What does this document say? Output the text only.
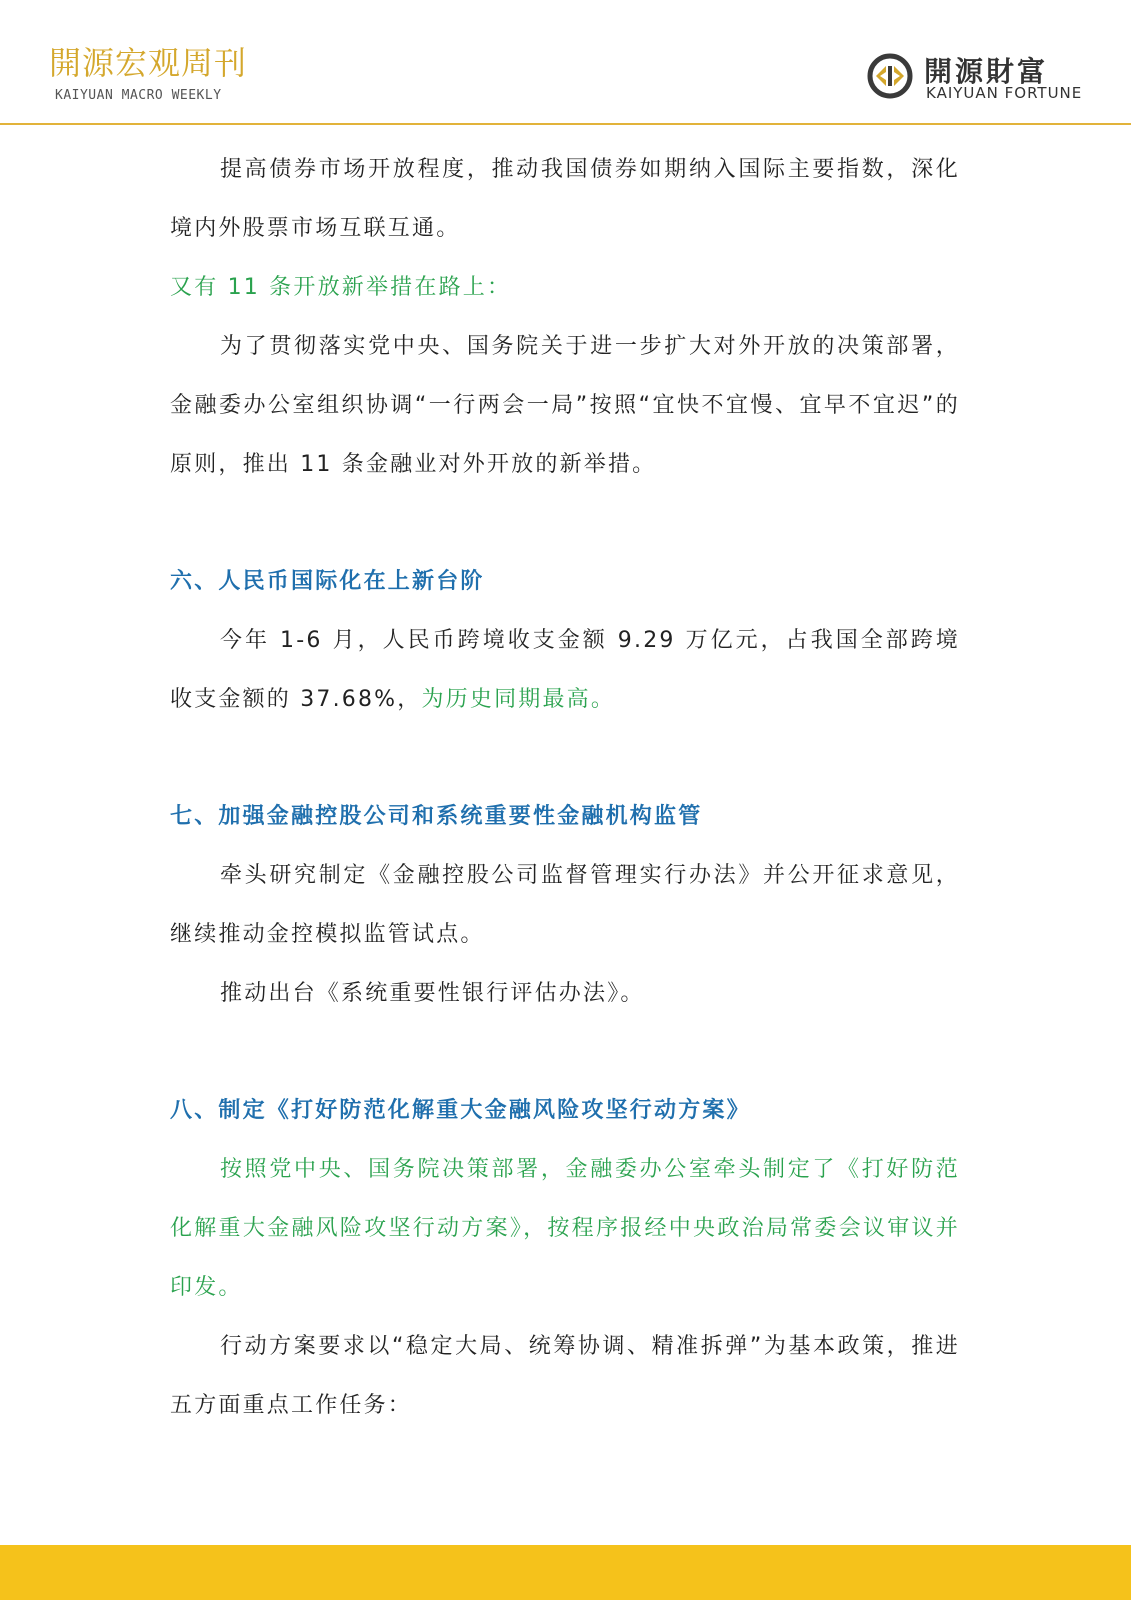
開源宏观周刊
KAIYUAN MACRO WEEKLY
開源財富
KAIYUAN FORTUNE

提高债券市场开放程度，推动我国债券如期纳入国际主要指数，深化境内外股票市场互联互通。

又有 11 条开放新举措在路上：

为了贯彻落实党中央、国务院关于进一步扩大对外开放的决策部署，金融委办公室组织协调“一行两会一局”按照“宜快不宜慢、宜早不宜迟”的原则，推出 11 条金融业对外开放的新举措。

六、人民币国际化在上新台阶

今年 1-6 月，人民币跨境收支金额 9.29 万亿元，占我国全部跨境收支金额的 37.68%，为历史同期最高。

七、加强金融控股公司和系统重要性金融机构监管

牵头研究制定《金融控股公司监督管理实行办法》并公开征求意见，继续推动金控模拟监管试点。

推动出台《系统重要性银行评估办法》。

八、制定《打好防范化解重大金融风险攻坚行动方案》

按照党中央、国务院决策部署，金融委办公室牵头制定了《打好防范化解重大金融风险攻坚行动方案》，按程序报经中央政治局常委会议审议并印发。

行动方案要求以“稳定大局、统筹协调、精准拆弹”为基本政策，推进五方面重点工作任务：
